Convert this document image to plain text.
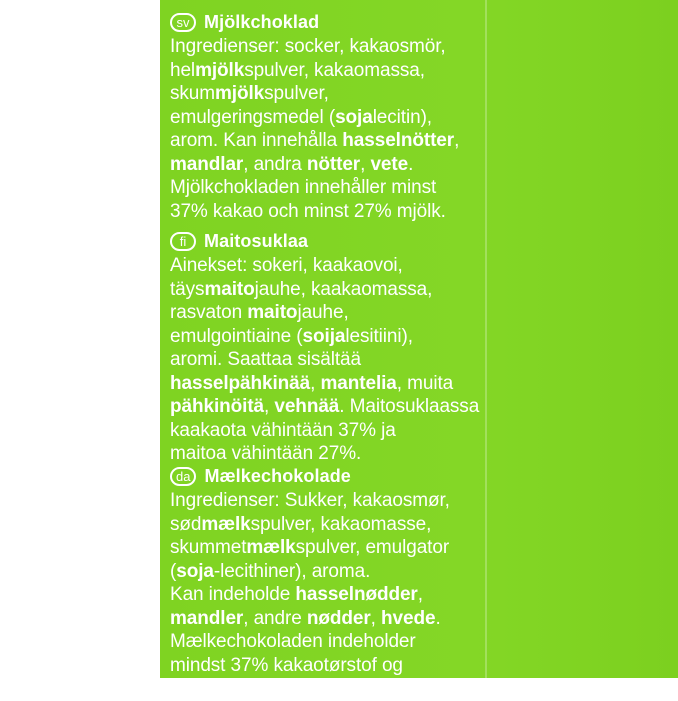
sv Mjölkchoklad
Ingredienser: socker, kakaosmör,
helmjölkspulver, kakaomassa,
skummjölkspulver,
emulgeringsmedel (sojalecitin),
arom. Kan innehålla hasselnötter,
mandlar, andra nötter, vete.
Mjölkchokladen innehåller minst
37% kakao och minst 27% mjölk.
fi Maitosuklaa
Ainekset: sokeri, kaakaovoi,
täysmaitojauhe, kaakaomassa,
rasvaton maitojauhe,
emulgointiaine (soijalesitiini),
aromi. Saattaa sisältää
hasselpähkinää, mantelia, muita
pähkinöitä, vehnää. Maitosuklaassa
kaakaota vähintään 37% ja
maitoa vähintään 27%.
da Mælkechokolade
Ingredienser: Sukker, kakaosmør,
sødmælkspulver, kakaomasse,
skummetmælkspulver, emulgator
(soja-lecithiner), aroma.
Kan indeholde hasselnødder,
mandler, andre nødder, hvede.
Mælkechokoladen indeholder
mindst 37% kakaotørstof og
mindst 27% mælketørstof.
